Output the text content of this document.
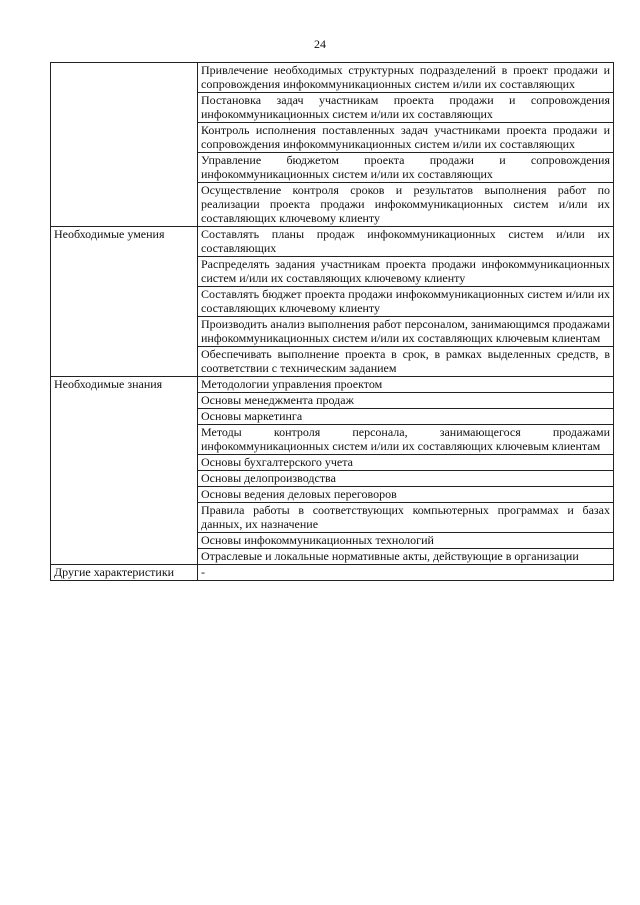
24
	Привлечение необходимых структурных подразделений в проект продажи и сопровождения инфокоммуникационных систем и/или их составляющих
	Постановка задач участникам проекта продажи и сопровождения инфокоммуникационных систем и/или их составляющих
	Контроль исполнения поставленных задач участниками проекта продажи и сопровождения инфокоммуникационных систем и/или их составляющих
	Управление бюджетом проекта продажи и сопровождения инфокоммуникационных систем и/или их составляющих
	Осуществление контроля сроков и результатов выполнения работ по реализации проекта продажи инфокоммуникационных систем и/или их составляющих ключевому клиенту
Необходимые умения	Составлять планы продаж инфокоммуникационных систем и/или их составляющих
	Распределять задания участникам проекта продажи инфокоммуникационных систем и/или их составляющих ключевому клиенту
	Составлять бюджет проекта продажи инфокоммуникационных систем и/или их составляющих ключевому клиенту
	Производить анализ выполнения работ персоналом, занимающимся продажами инфокоммуникационных систем и/или их составляющих ключевым клиентам
	Обеспечивать выполнение проекта в срок, в рамках выделенных средств, в соответствии с техническим заданием
Необходимые знания	Методологии управления проектом
	Основы менеджмента продаж
	Основы маркетинга
	Методы контроля персонала, занимающегося продажами инфокоммуникационных систем и/или их составляющих ключевым клиентам
	Основы бухгалтерского учета
	Основы делопроизводства
	Основы ведения деловых переговоров
	Правила работы в соответствующих компьютерных программах и базах данных, их назначение
	Основы инфокоммуникационных технологий
	Отраслевые и локальные нормативные акты, действующие в организации
Другие характеристики	-
